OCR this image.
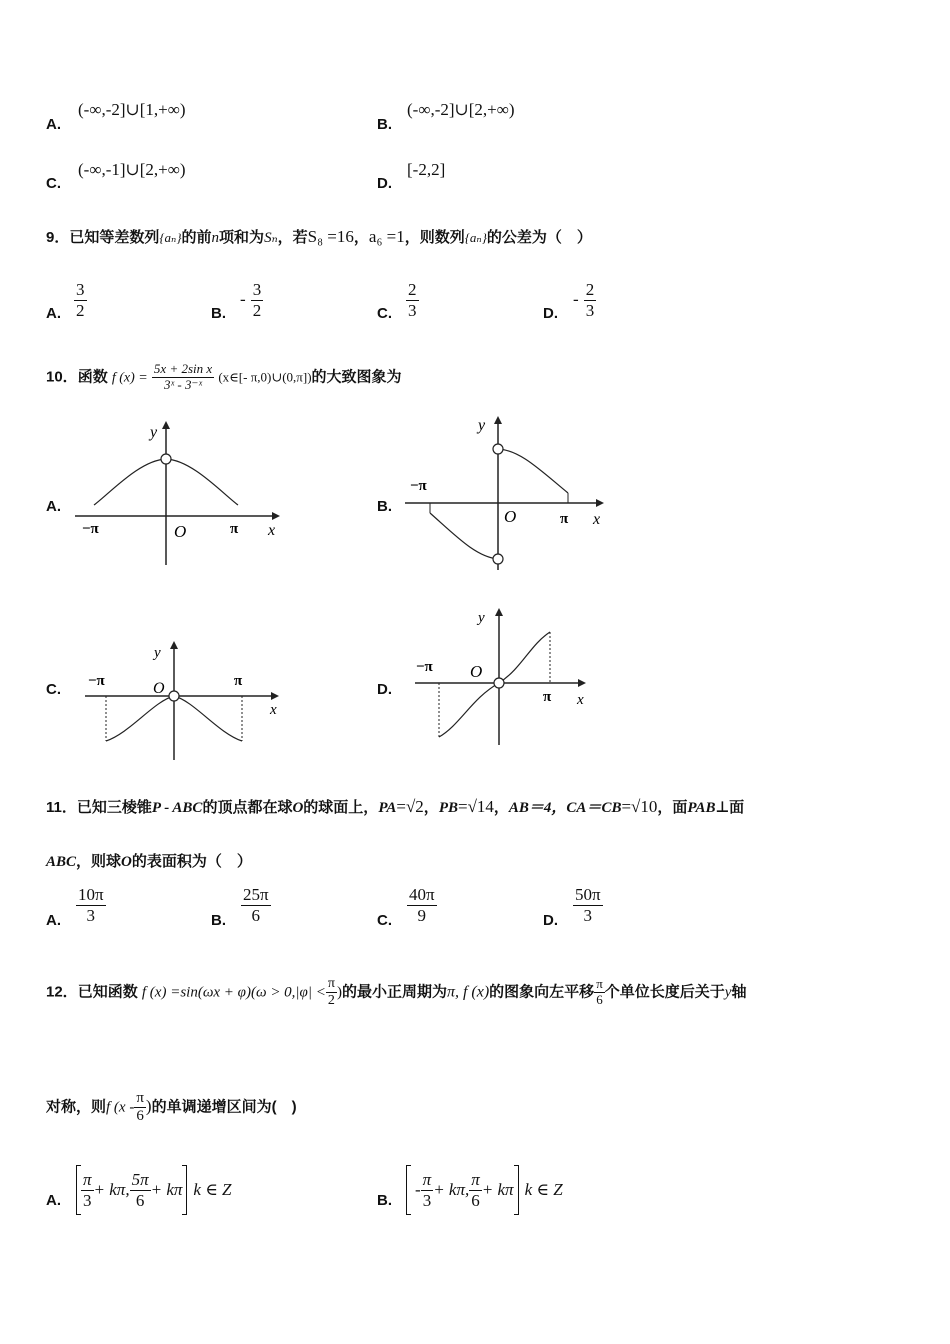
A.
(-∞,-2]∪[1,+∞)
B.
(-∞,-2]∪[2,+∞)
C.
(-∞,-1]∪[2,+∞)
D.
[-2,2]
9．已知等差数列{aₙ}的前n项和为Sₙ，若S₈ =16，a₆ =1，则数列{aₙ}的公差为（　）
A. $\frac{3}{2}$	B.
- $\frac{3}{2}$	C. $\frac{2}{3}$	D.
- $\frac{2}{3}$
10．函数 f $(x) = \frac{\text{5x + 2sin x}}{\text{3ˣ - 3⁻ˣ}}$ (x∈[- π,0)∪(0,π])的大致图象为
A.
y
x
O
−π	π
B.
y
x
O
−π
π
C.
y
x
O
−π	π	D.
y
x
O
−π
π
11．已知三棱锥P - ABC的顶点都在球O的球面上，PA=√2，PB=√14，AB＝4，CA＝CB=√10，面PAB⊥面
ABC，则球O的表面积为（　）
A. $\frac{10\pi}{3}$	B. $\frac{25\pi}{6}$	C. $\frac{40\pi}{9}$	D. $\frac{50\pi}{3}$
12．已知函数 f $(x) =\sin(\omega x + \varphi)(\omega > 0,|\varphi| < \frac{\pi}{2}$ )的最小正周期为π, f (x)的图象向左平移 $\frac{\pi}{6}$ 个单位长度后关于y轴
对称，则f ($x - \frac{\pi}{6}$ )的单调递增区间为(　)
A. $\frac{\pi}{3} + k\pi$, $\frac{5\pi}{6} + k\pi$ k ∈ Z
B.
- $\frac{\pi}{3} + k\pi$, $\frac{\pi}{6} + k\pi$ k ∈ Z
